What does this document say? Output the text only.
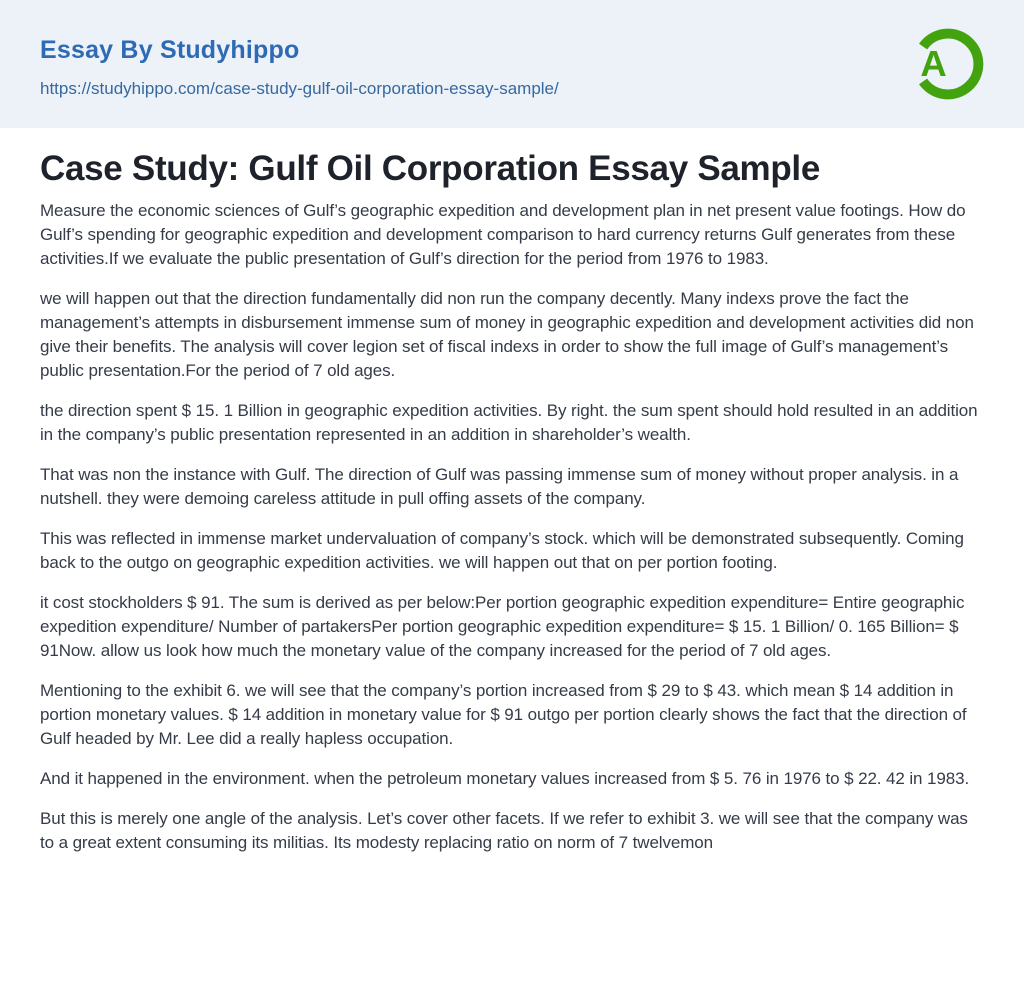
Essay By Studyhippo
https://studyhippo.com/case-study-gulf-oil-corporation-essay-sample/
A
Case Study: Gulf Oil Corporation Essay Sample

Measure the economic sciences of Gulf’s geographic expedition and development plan in net present value footings. How do Gulf’s spending for geographic expedition and development comparison to hard currency returns Gulf generates from these activities.If we evaluate the public presentation of Gulf’s direction for the period from 1976 to 1983.

we will happen out that the direction fundamentally did non run the company decently. Many indexs prove the fact the management’s attempts in disbursement immense sum of money in geographic expedition and development activities did non give their benefits. The analysis will cover legion set of fiscal indexs in order to show the full image of Gulf’s management’s public presentation.For the period of 7 old ages.

the direction spent $ 15. 1 Billion in geographic expedition activities. By right. the sum spent should hold resulted in an addition in the company’s public presentation represented in an addition in shareholder’s wealth.

That was non the instance with Gulf. The direction of Gulf was passing immense sum of money without proper analysis. in a nutshell. they were demoing careless attitude in pull offing assets of the company.

This was reflected in immense market undervaluation of company’s stock. which will be demonstrated subsequently. Coming back to the outgo on geographic expedition activities. we will happen out that on per portion footing.

it cost stockholders $ 91. The sum is derived as per below:Per portion geographic expedition expenditure= Entire geographic expedition expenditure/ Number of partakersPer portion geographic expedition expenditure= $ 15. 1 Billion/ 0. 165 Billion= $ 91Now. allow us look how much the monetary value of the company increased for the period of 7 old ages.

Mentioning to the exhibit 6. we will see that the company’s portion increased from $ 29 to $ 43. which mean $ 14 addition in portion monetary values. $ 14 addition in monetary value for $ 91 outgo per portion clearly shows the fact that the direction of Gulf headed by Mr. Lee did a really hapless occupation.

And it happened in the environment. when the petroleum monetary values increased from $ 5. 76 in 1976 to $ 22. 42 in 1983.

But this is merely one angle of the analysis. Let’s cover other facets. If we refer to exhibit 3. we will see that the company was to a great extent consuming its militias. Its modesty replacing ratio on norm of 7 twelvemon
